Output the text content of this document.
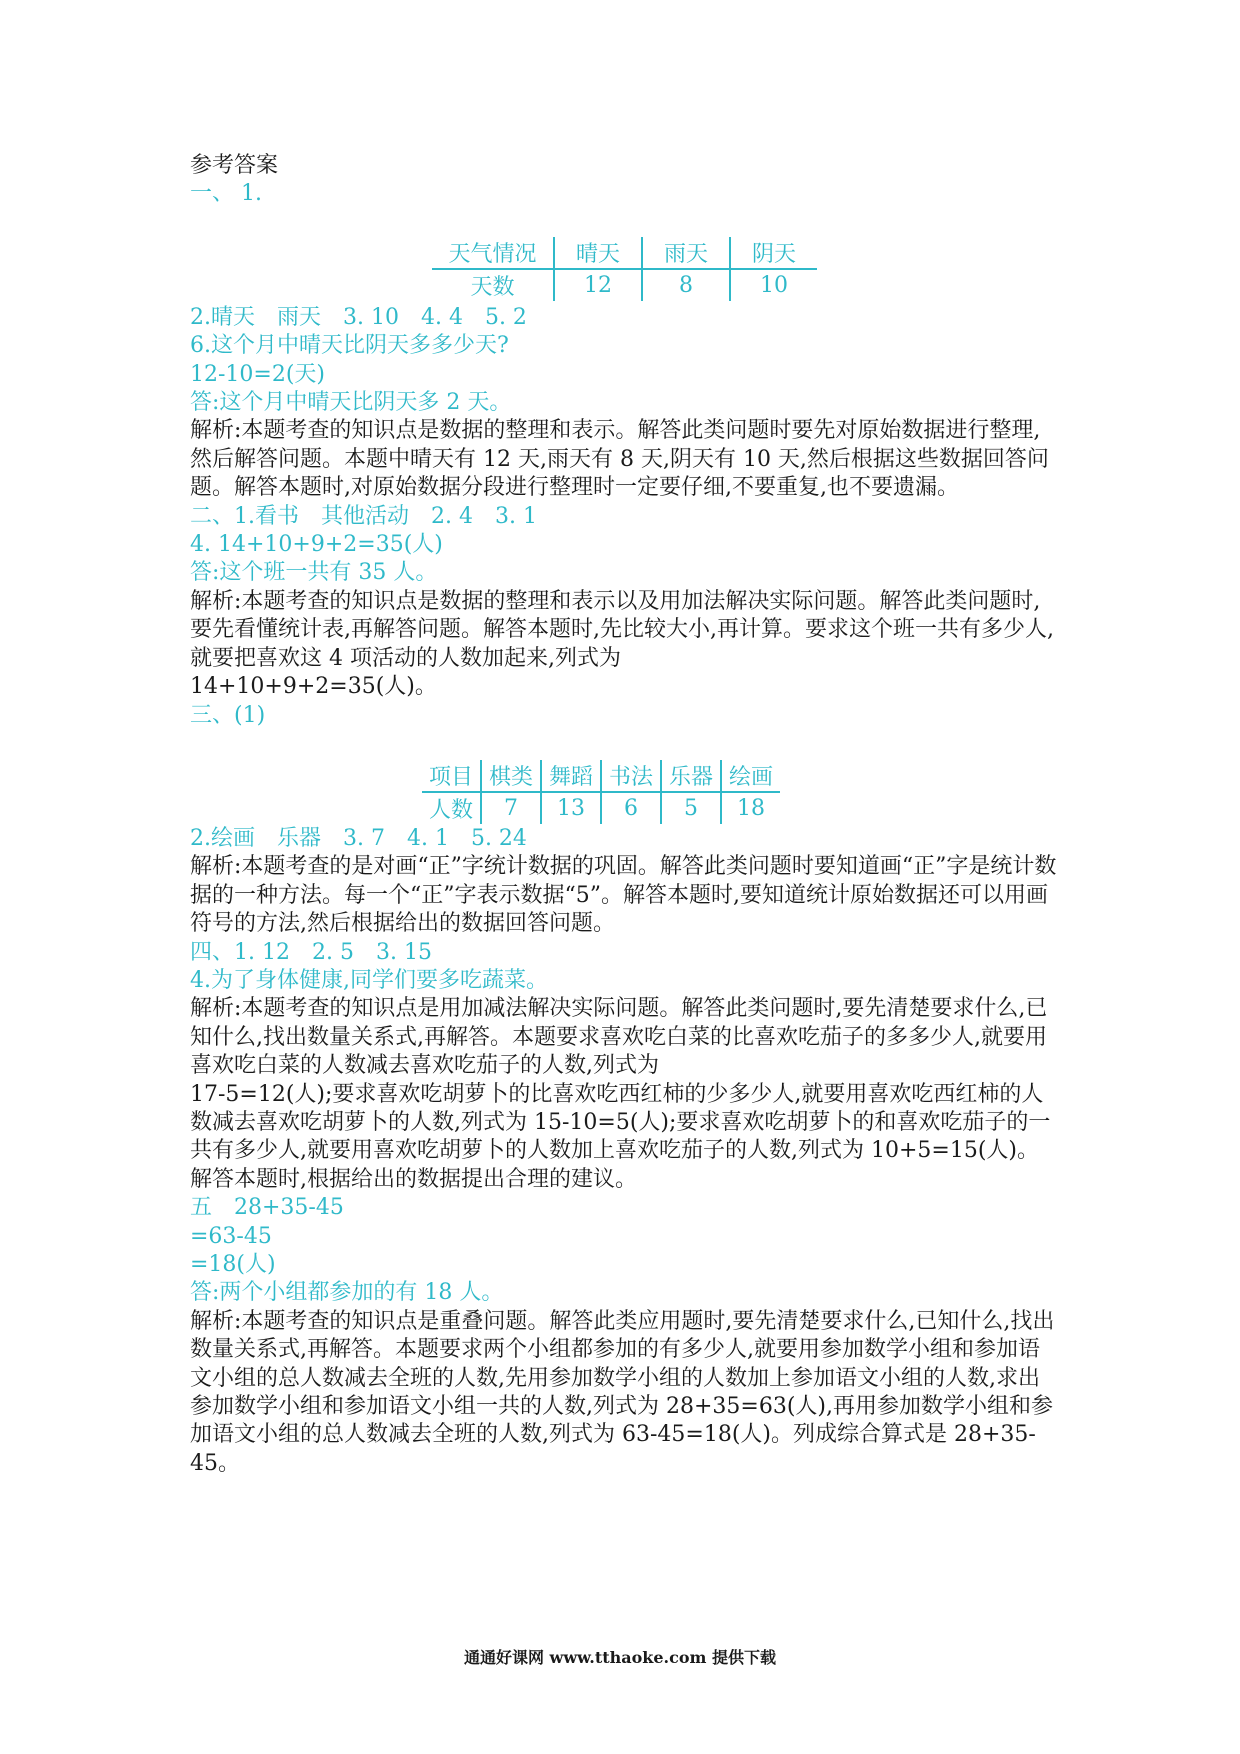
参考答案
一、 1.
天气情况	晴天	雨天	阴天
天数	12	8	10
2.晴天　雨天　3. 10　4. 4　5. 2
6.这个月中晴天比阴天多多少天?
12-10=2(天)
答:这个月中晴天比阴天多 2 天。
解析:本题考查的知识点是数据的整理和表示。解答此类问题时要先对原始数据进行整理,然后解答问题。本题中晴天有 12 天,雨天有 8 天,阴天有 10 天,然后根据这些数据回答问题。解答本题时,对原始数据分段进行整理时一定要仔细,不要重复,也不要遗漏。
二、1.看书　其他活动　2. 4　3. 1
4. 14+10+9+2=35(人)
答:这个班一共有 35 人。
解析:本题考查的知识点是数据的整理和表示以及用加法解决实际问题。解答此类问题时,要先看懂统计表,再解答问题。解答本题时,先比较大小,再计算。要求这个班一共有多少人,就要把喜欢这 4 项活动的人数加起来,列式为
14+10+9+2=35(人)。
三、(1)
项目	棋类	舞蹈	书法	乐器	绘画
人数	7	13	6	5	18
2.绘画　乐器　3. 7　4. 1　5. 24
解析:本题考查的是对画“正”字统计数据的巩固。解答此类问题时要知道画“正”字是统计数据的一种方法。每一个“正”字表示数据“5”。解答本题时,要知道统计原始数据还可以用画符号的方法,然后根据给出的数据回答问题。
四、1. 12　2. 5　3. 15
4.为了身体健康,同学们要多吃蔬菜。
解析:本题考查的知识点是用加减法解决实际问题。解答此类问题时,要先清楚要求什么,已知什么,找出数量关系式,再解答。本题要求喜欢吃白菜的比喜欢吃茄子的多多少人,就要用喜欢吃白菜的人数减去喜欢吃茄子的人数,列式为
17-5=12(人);要求喜欢吃胡萝卜的比喜欢吃西红柿的少多少人,就要用喜欢吃西红柿的人数减去喜欢吃胡萝卜的人数,列式为 15-10=5(人);要求喜欢吃胡萝卜的和喜欢吃茄子的一共有多少人,就要用喜欢吃胡萝卜的人数加上喜欢吃茄子的人数,列式为 10+5=15(人)。解答本题时,根据给出的数据提出合理的建议。
五　28+35-45
=63-45
=18(人)
答:两个小组都参加的有 18 人。
解析:本题考查的知识点是重叠问题。解答此类应用题时,要先清楚要求什么,已知什么,找出数量关系式,再解答。本题要求两个小组都参加的有多少人,就要用参加数学小组和参加语文小组的总人数减去全班的人数,先用参加数学小组的人数加上参加语文小组的人数,求出参加数学小组和参加语文小组一共的人数,列式为 28+35=63(人),再用参加数学小组和参加语文小组的总人数减去全班的人数,列式为 63-45=18(人)。列成综合算式是 28+35-45。
通通好课网 www.tthaoke.com 提供下载
